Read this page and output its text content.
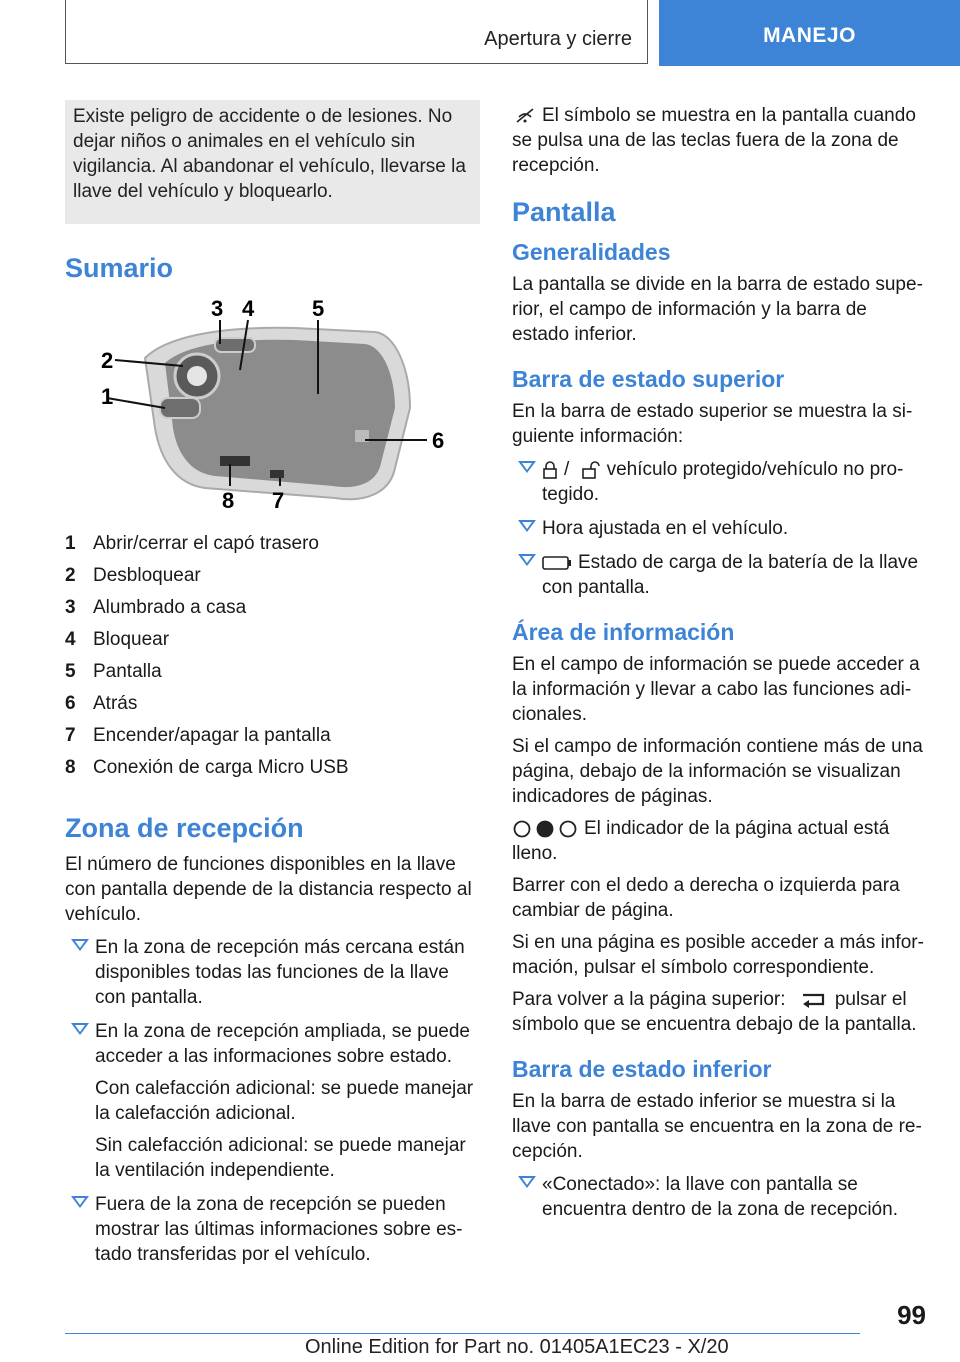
Apertura y cierre	MANEJO
Existe peligro de accidente o de lesiones. No dejar niños o animales en el vehículo sin vigilancia. Al abandonar el vehículo, llevarse la llave del vehículo y bloquearlo.
Sumario
1
2
3 4	5
6
7
8
1 Abrir/cerrar el capó trasero
2 Desbloquear
3 Alumbrado a casa
4 Bloquear
5 Pantalla
6 Atrás
7 Encender/apagar la pantalla
8 Conexión de carga Micro USB
Zona de recepción

El número de funciones disponibles en la llave con pantalla depende de la distancia respecto al vehículo.

En la zona de recepción más cercana están disponibles todas las funciones de la llave con pantalla.
En la zona de recepción ampliada, se puede acceder a las informaciones sobre estado.
Con calefacción adicional: se puede manejar la calefacción adicional.
Sin calefacción adicional: se puede manejar la ventilación independiente.
Fuera de la zona de recepción se pueden mostrar las últimas informaciones sobre estado transferidas por el vehículo.

El símbolo se muestra en la pantalla cuando se pulsa una de las teclas fuera de la zona de recepción.

Pantalla
Generalidades

La pantalla se divide en la barra de estado superior, el campo de información y la barra de estado inferior.

Barra de estado superior

En la barra de estado superior se muestra la siguiente información:

/ vehículo protegido/vehículo no protegido.
Hora ajustada en el vehículo.
Estado de carga de la batería de la llave con pantalla.
Área de información

En el campo de información se puede acceder a la información y llevar a cabo las funciones adicionales.

Si el campo de información contiene más de una página, debajo de la información se visualizan indicadores de páginas.

El indicador de la página actual está lleno.

Barrer con el dedo a derecha o izquierda para cambiar de página.

Si en una página es posible acceder a más información, pulsar el símbolo correspondiente.

Para volver a la página superior:	pulsar el símbolo que se encuentra debajo de la pantalla.

Barra de estado inferior

En la barra de estado inferior se muestra si la llave con pantalla se encuentra en la zona de recepción.

«Conectado»: la llave con pantalla se encuentra dentro de la zona de recepción.
99
Online Edition for Part no. 01405A1EC23 - X/20
